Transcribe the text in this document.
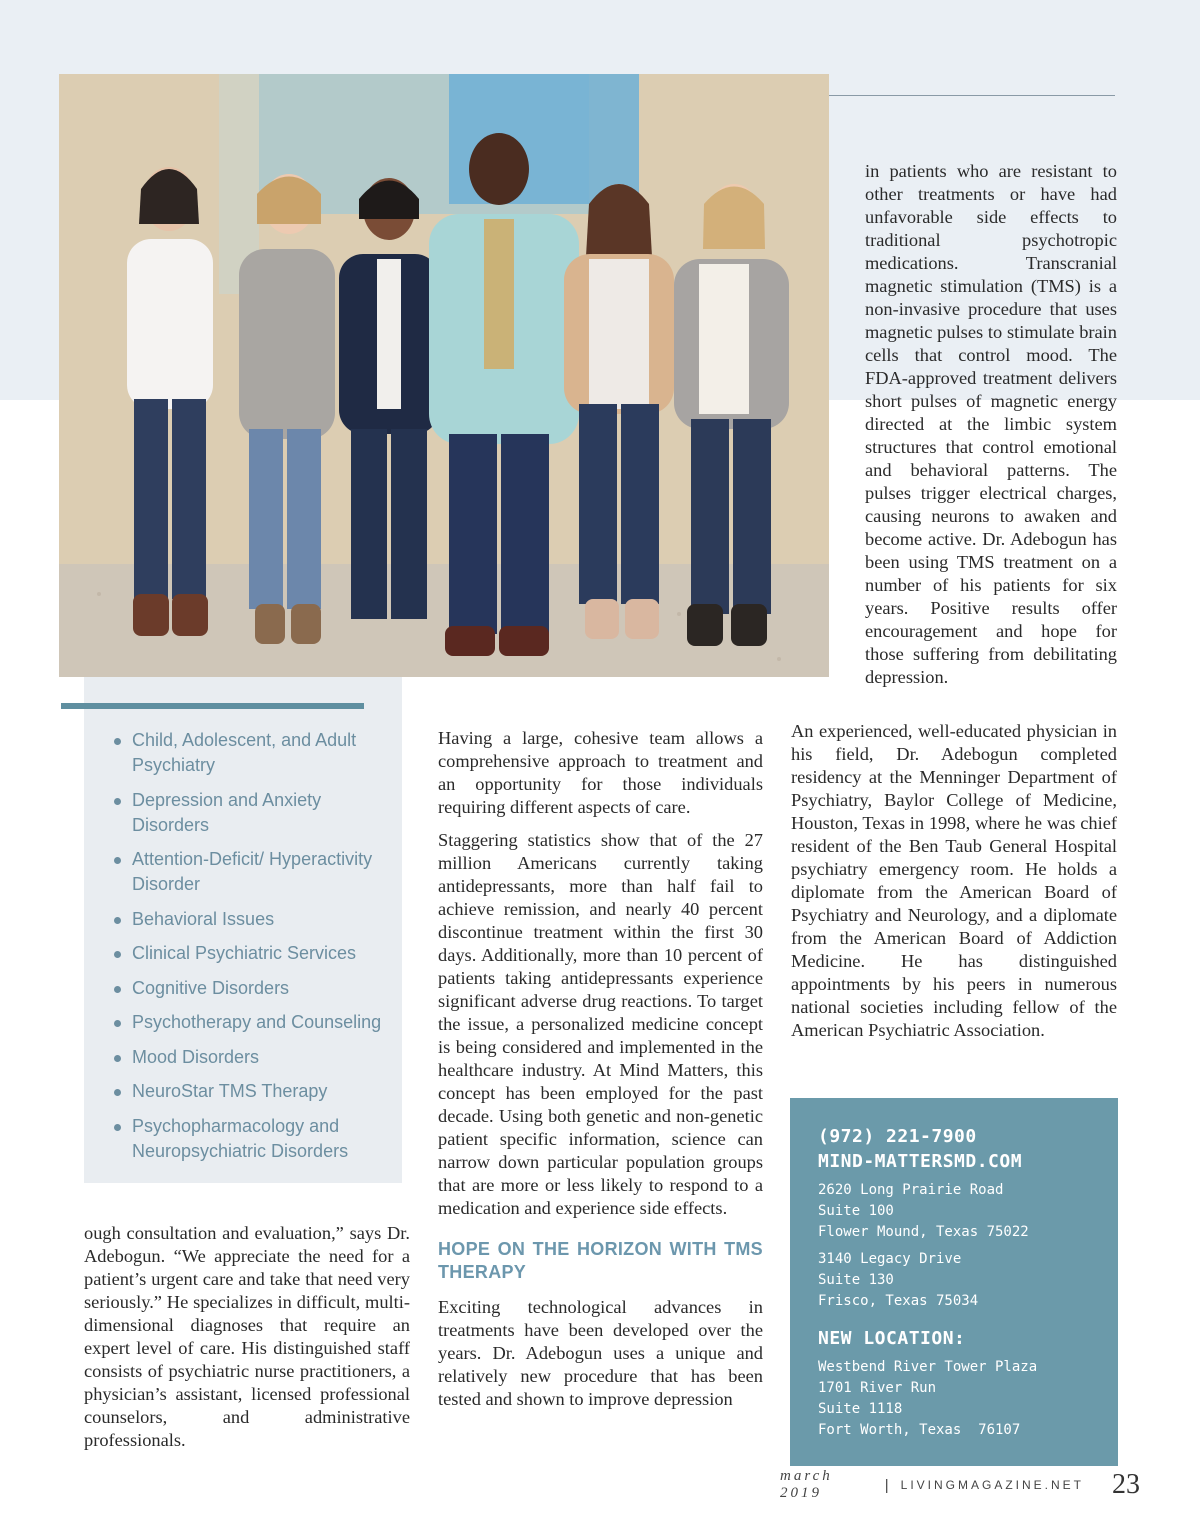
in patients who are resistant to other treatments or have had unfavorable side effects to traditional psychotropic medications. Transcranial magnetic stimulation (TMS) is a non-invasive procedure that uses magnetic pulses to stimulate brain cells that control mood. The FDA-approved treatment delivers short pulses of magnetic energy directed at the limbic system structures that control emotional and behavioral patterns. The pulses trigger electrical charges, causing neurons to awaken and become active. Dr. Adebogun has been using TMS treatment on a number of his patients for six years. Positive results offer encouragement and hope for those suffering from debilitating depression.

An experienced, well-educated physician in his field, Dr. Adebogun completed residency at the Menninger Department of Psychiatry, Baylor College of Medicine, Houston, Texas in 1998, where he was chief resident of the Ben Taub General Hospital psychiatry emergency room. He holds a diplomate from the American Board of Psychiatry and Neurology, and a diplomate from the American Board of Addiction Medicine. He has distinguished appointments by his peers in numerous national societies including fellow of the American Psychiatric Association.

Child, Adolescent, and Adult Psychiatry
Depression and Anxiety Disorders
Attention-Deficit/ Hyperactivity Disorder
Behavioral Issues
Clinical Psychiatric Services
Cognitive Disorders
Psychotherapy and Counseling
Mood Disorders
NeuroStar TMS Therapy
Psychopharmacology and Neuropsychiatric Disorders

ough consultation and evaluation,” says Dr. Adebogun. “We appreciate the need for a patient’s urgent care and take that need very seriously.” He specializes in difficult, multi-dimensional diagnoses that require an expert level of care. His distinguished staff consists of psychiatric nurse practitioners, a physician’s assistant, licensed professional counselors, and administrative professionals.

Having a large, cohesive team allows a comprehensive approach to treatment and an opportunity for those individuals requiring different aspects of care.

Staggering statistics show that of the 27 million Americans currently taking antidepressants, more than half fail to achieve remission, and nearly 40 percent discontinue treatment within the first 30 days. Additionally, more than 10 percent of patients taking antidepressants experience significant adverse drug reactions. To target the issue, a personalized medicine concept is being considered and implemented in the healthcare industry. At Mind Matters, this concept has been employed for the past decade. Using both genetic and non-genetic patient specific information, science can narrow down particular population groups that are more or less likely to respond to a medication and experience side effects.

HOPE ON THE HORIZON WITH TMS THERAPY

Exciting technological advances in treatments have been developed over the years. Dr. Adebogun uses a unique and relatively new procedure that has been tested and shown to improve depression

(972) 221-7900
MIND-MATTERSMD.COM
2620 Long Prairie Road
Suite 100
Flower Mound, Texas 75022
3140 Legacy Drive
Suite 130
Frisco, Texas 75034
NEW LOCATION:
Westbend River Tower Plaza
1701 River Run
Suite 1118
Fort Worth, Texas  76107
march 2019	| LIVINGMAGAZINE.NET 23
